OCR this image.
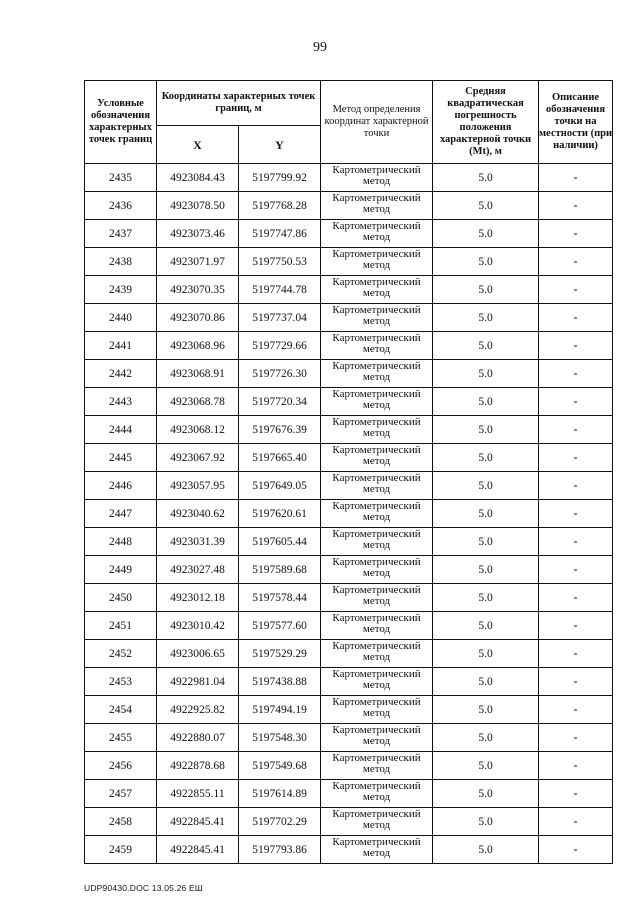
99
Условные обозначения характерных точек границ	Координаты характерных точек границ, м		Метод определения координат характерной точки	Средняя квадратическая погрешность положения характерной точки (Mt), м	Описание обозначения точки на местности (при наличии)
	X	Y			
2435	4923084.43	5197799.92	Картометрический метод	5.0	-
2436	4923078.50	5197768.28	Картометрический метод	5.0	-
2437	4923073.46	5197747.86	Картометрический метод	5.0	-
2438	4923071.97	5197750.53	Картометрический метод	5.0	-
2439	4923070.35	5197744.78	Картометрический метод	5.0	-
2440	4923070.86	5197737.04	Картометрический метод	5.0	-
2441	4923068.96	5197729.66	Картометрический метод	5.0	-
2442	4923068.91	5197726.30	Картометрический метод	5.0	-
2443	4923068.78	5197720.34	Картометрический метод	5.0	-
2444	4923068.12	5197676.39	Картометрический метод	5.0	-
2445	4923067.92	5197665.40	Картометрический метод	5.0	-
2446	4923057.95	5197649.05	Картометрический метод	5.0	-
2447	4923040.62	5197620.61	Картометрический метод	5.0	-
2448	4923031.39	5197605.44	Картометрический метод	5.0	-
2449	4923027.48	5197589.68	Картометрический метод	5.0	-
2450	4923012.18	5197578.44	Картометрический метод	5.0	-
2451	4923010.42	5197577.60	Картометрический метод	5.0	-
2452	4923006.65	5197529.29	Картометрический метод	5.0	-
2453	4922981.04	5197438.88	Картометрический метод	5.0	-
2454	4922925.82	5197494.19	Картометрический метод	5.0	-
2455	4922880.07	5197548.30	Картометрический метод	5.0	-
2456	4922878.68	5197549.68	Картометрический метод	5.0	-
2457	4922855.11	5197614.89	Картометрический метод	5.0	-
2458	4922845.41	5197702.29	Картометрический метод	5.0	-
2459	4922845.41	5197793.86	Картометрический метод	5.0	-
UDP90430.DOC 13.05.26 ЕШ
